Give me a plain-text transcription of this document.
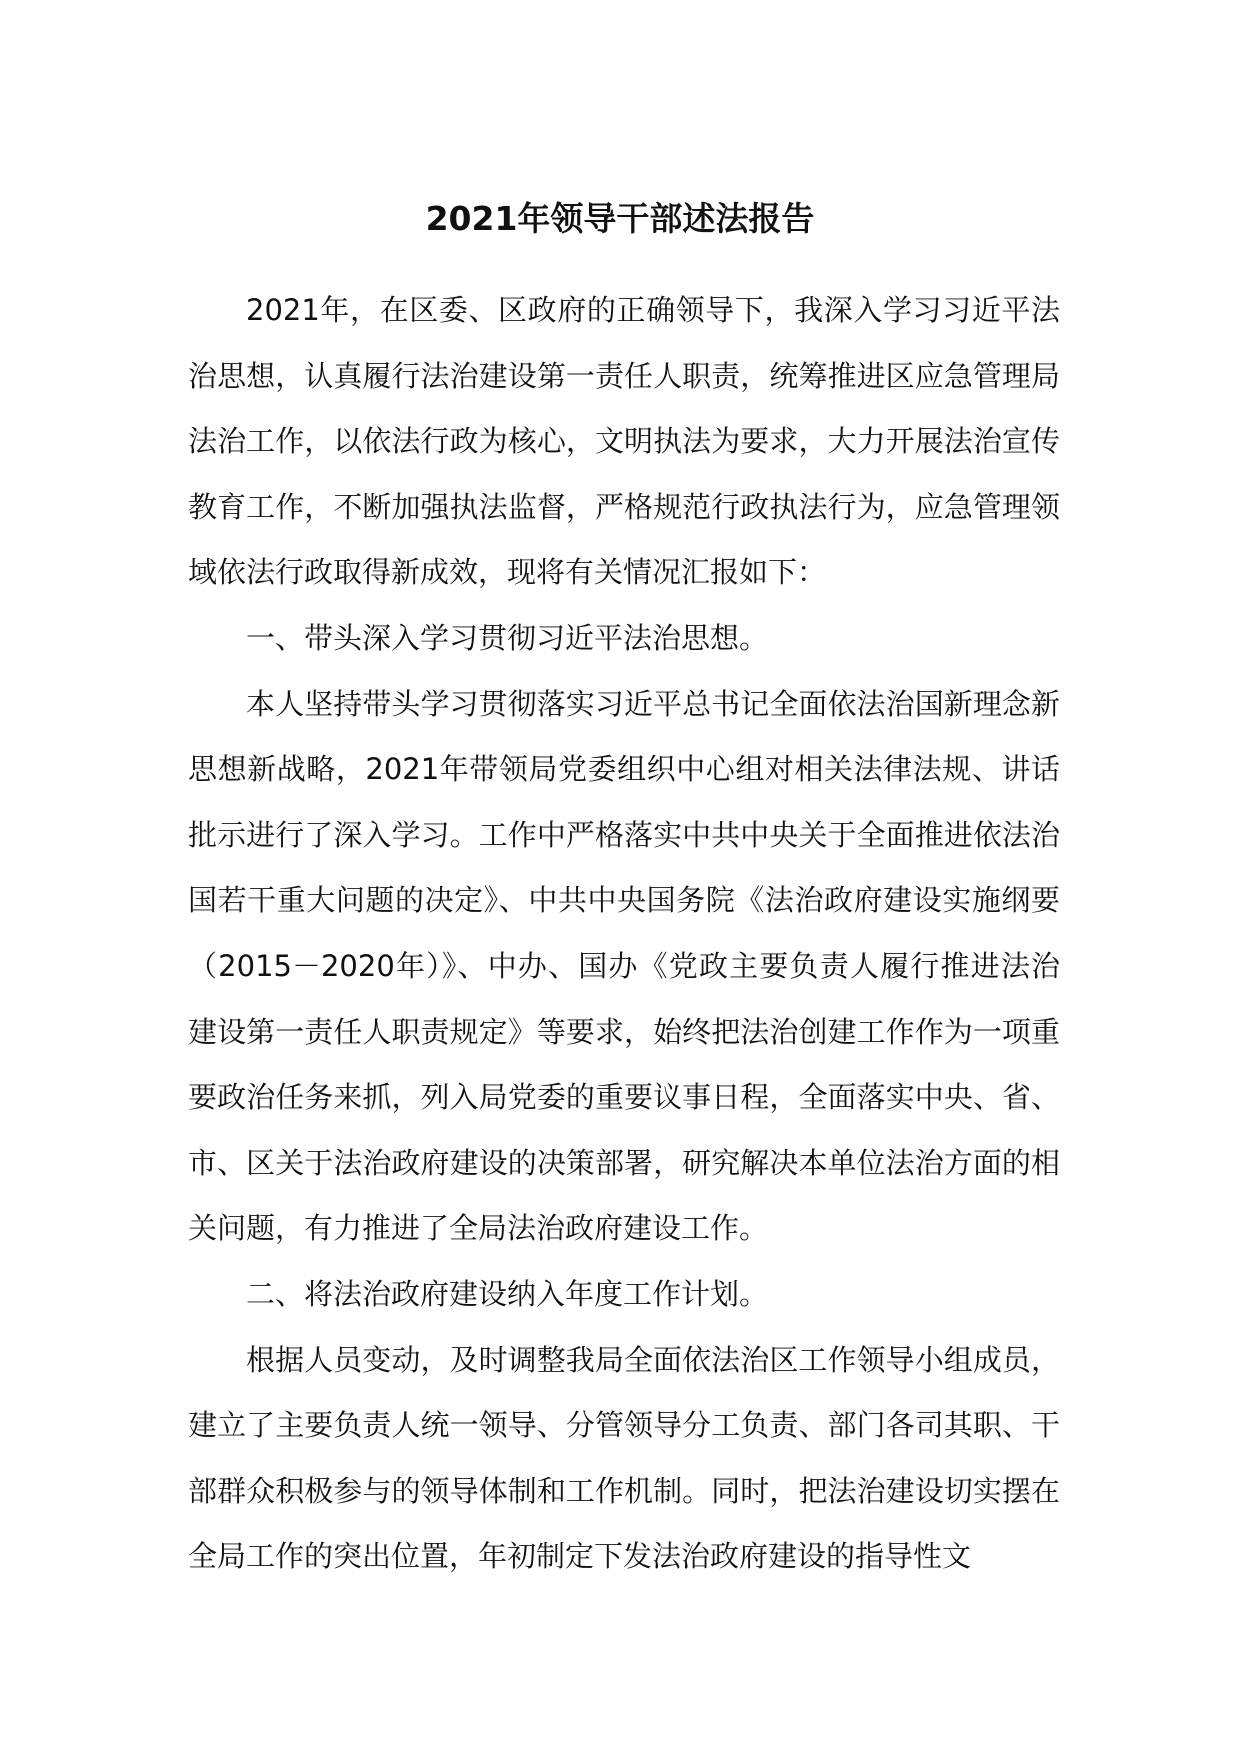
2021年领导干部述法报告

2021年，在区委、区政府的正确领导下，我深入学习习近平法治思想，认真履行法治建设第一责任人职责，统筹推进区应急管理局法治工作，以依法行政为核心，文明执法为要求，大力开展法治宣传教育工作，不断加强执法监督，严格规范行政执法行为，应急管理领域依法行政取得新成效，现将有关情况汇报如下：

一、带头深入学习贯彻习近平法治思想。

本人坚持带头学习贯彻落实习近平总书记全面依法治国新理念新思想新战略，2021年带领局党委组织中心组对相关法律法规、讲话批示进行了深入学习。工作中严格落实中共中央关于全面推进依法治国若干重大问题的决定》、中共中央国务院《法治政府建设实施纲要（2015－2020年）》、中办、国办《党政主要负责人履行推进法治建设第一责任人职责规定》等要求，始终把法治创建工作作为一项重要政治任务来抓，列入局党委的重要议事日程，全面落实中央、省、市、区关于法治政府建设的决策部署，研究解决本单位法治方面的相关问题，有力推进了全局法治政府建设工作。

二、将法治政府建设纳入年度工作计划。

根据人员变动，及时调整我局全面依法治区工作领导小组成员，建立了主要负责人统一领导、分管领导分工负责、部门各司其职、干部群众积极参与的领导体制和工作机制。同时，把法治建设切实摆在全局工作的突出位置，年初制定下发法治政府建设的指导性文
